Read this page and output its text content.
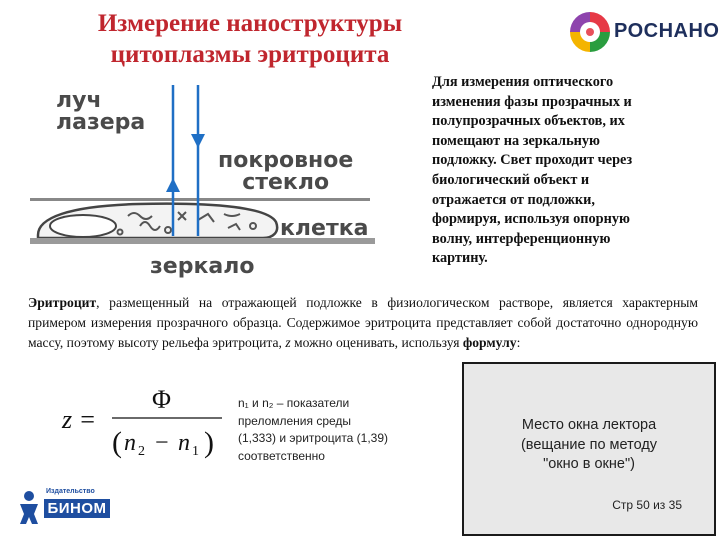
Измерение наноструктуры
цитоплазмы эритроцита
РОСНАНО
луч
лазера
покровное
стекло
клетка
зеркало
Для измерения оптического
изменения фазы прозрачных и
полупрозрачных объектов, их
помещают на зеркальную
подложку. Свет проходит через
биологический объект и
отражается от подложки,
формируя, используя опорную
волну, интерференционную
картину.
Эритроцит, размещенный на отражающей подложке в физиологическом растворе, является характерным примером измерения прозрачного образца. Содержимое эритроцита представляет собой достаточно однородную массу, поэтому высоту рельефа эритроцита, z можно оценивать, используя формулу:
z =
Φ
( n 2 − n 1 )
n₁ и n₂ – показатели
преломления среды
(1,333) и эритроцита (1,39)
соответственно
Место окна лектора
(вещание по методу
"окно в окне")
Стр 50 из 35
Издательство
БИНОМ
